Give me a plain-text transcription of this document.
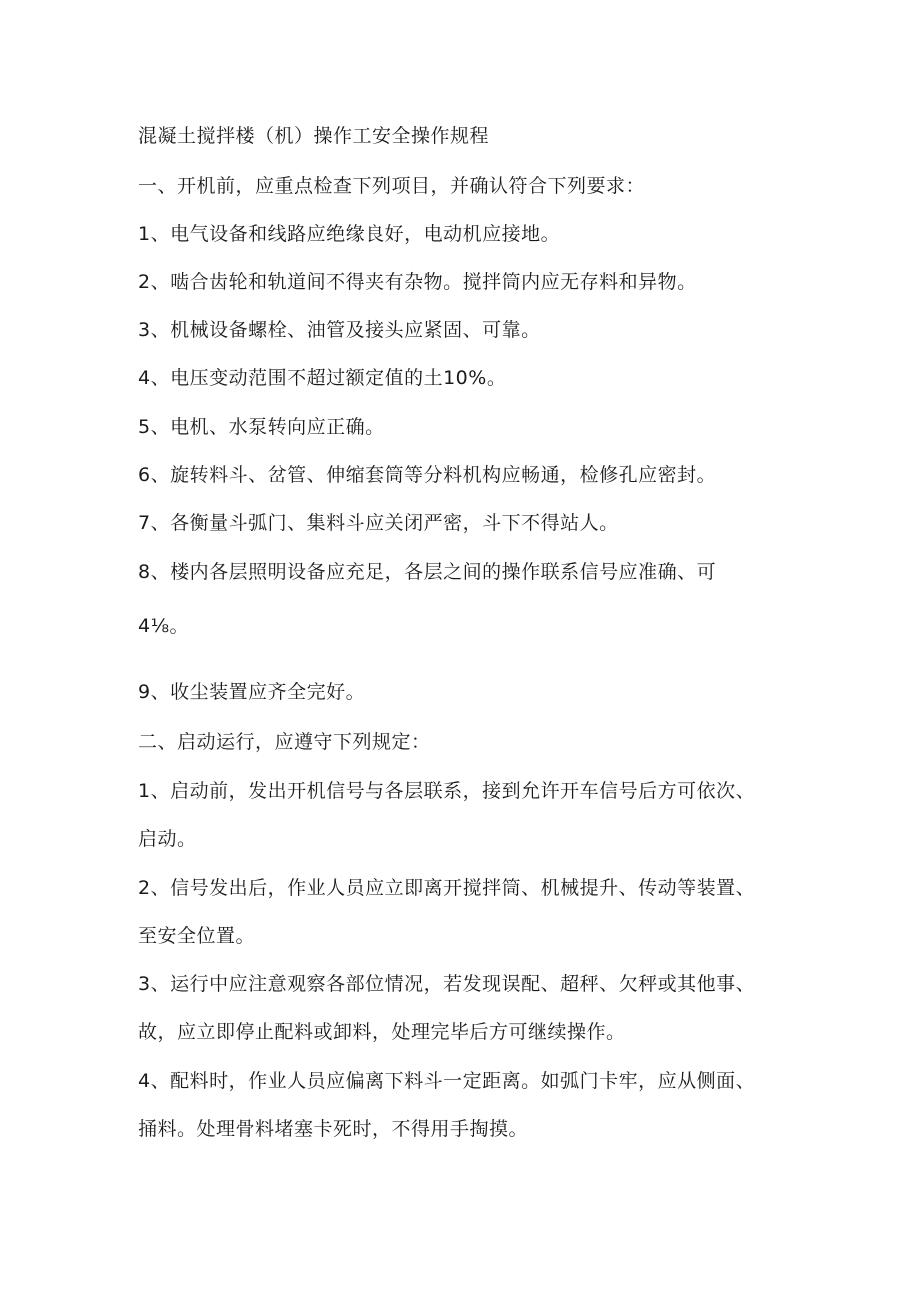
混凝土搅拌楼（机）操作工安全操作规程
一、开机前，应重点检查下列项目，并确认符合下列要求：
1、电气设备和线路应绝缘良好，电动机应接地。
2、啮合齿轮和轨道间不得夹有杂物。搅拌筒内应无存料和异物。
3、机械设备螺栓、油管及接头应紧固、可靠。
4、电压变动范围不超过额定值的土10%。
5、电机、水泵转向应正确。
6、旋转料斗、岔管、伸缩套筒等分料机构应畅通，检修孔应密封。
7、各衡量斗弧门、集料斗应关闭严密，斗下不得站人。
8、楼内各层照明设备应充足，各层之间的操作联系信号应准确、可
4⅛。
9、收尘装置应齐全完好。
二、启动运行，应遵守下列规定：
1、启动前，发出开机信号与各层联系，接到允许开车信号后方可依次、
启动。
2、信号发出后，作业人员应立即离开搅拌筒、机械提升、传动等装置、
至安全位置。
3、运行中应注意观察各部位情况，若发现误配、超秤、欠秤或其他事、
故，应立即停止配料或卸料，处理完毕后方可继续操作。
4、配料时，作业人员应偏离下料斗一定距离。如弧门卡牢，应从侧面、
捅料。处理骨料堵塞卡死时，不得用手掏摸。
